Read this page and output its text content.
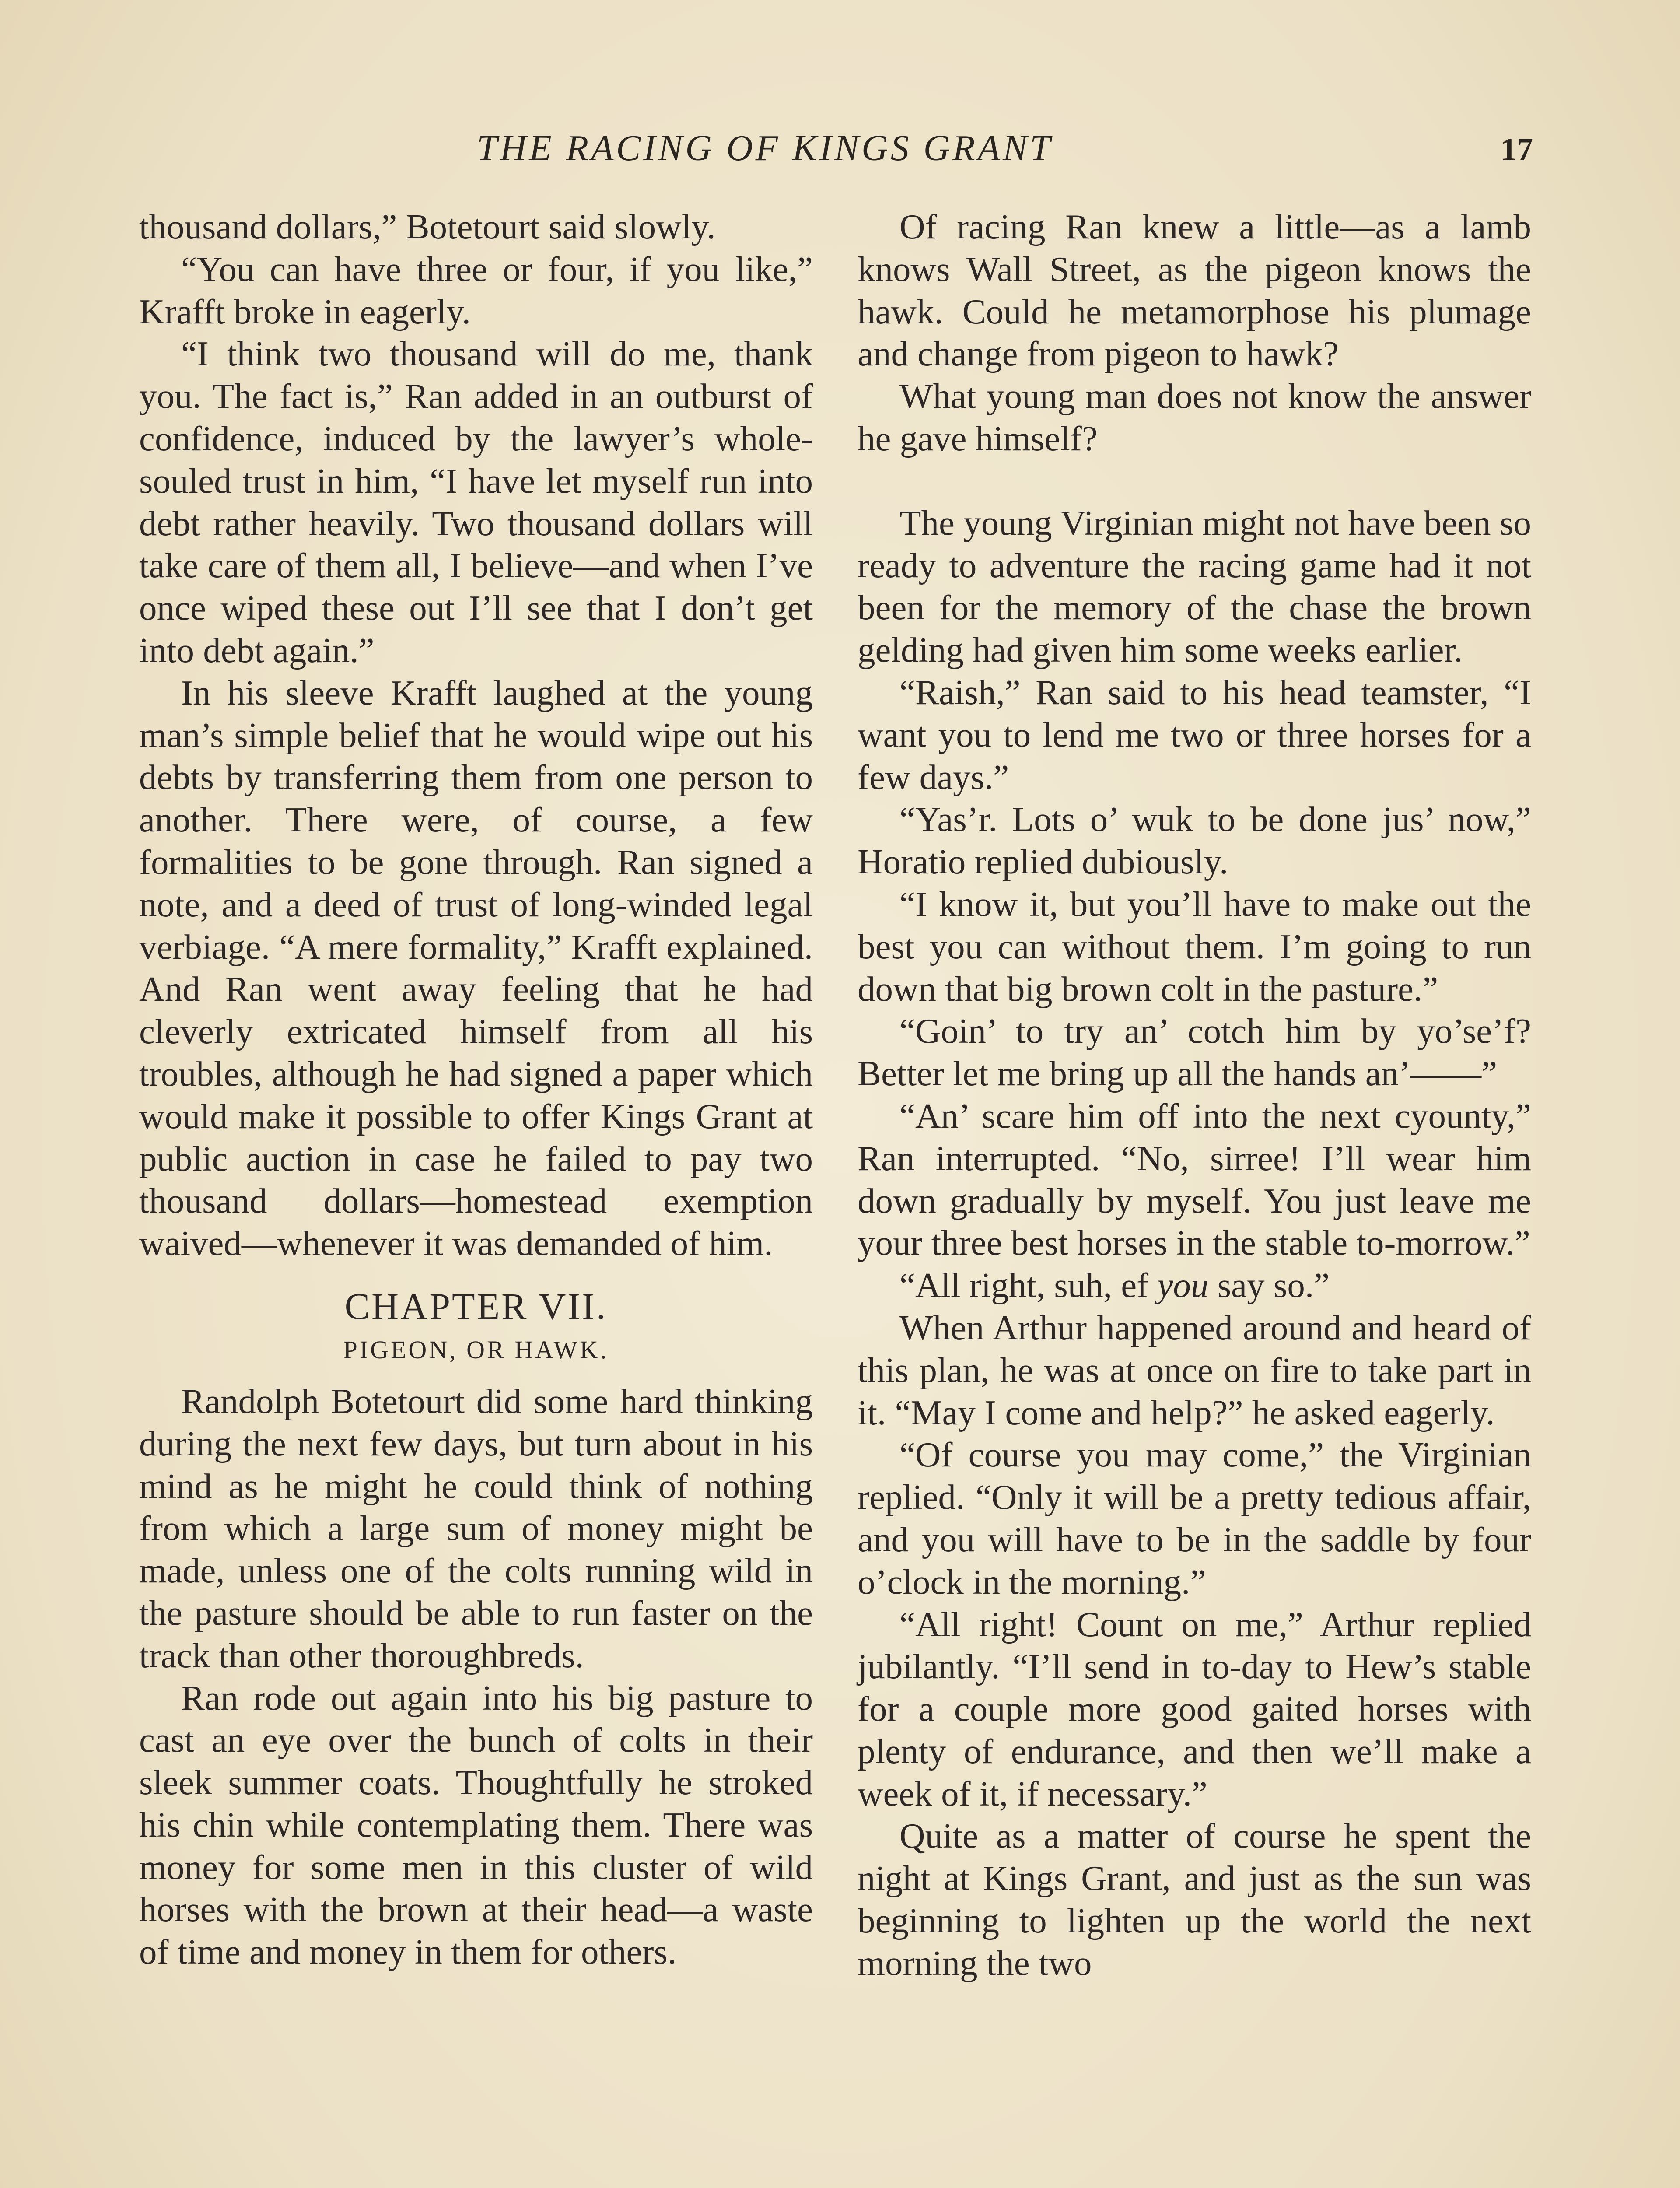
THE RACING OF KINGS GRANT	17

thousand dollars,” Botetourt said slowly.

“You can have three or four, if you like,” Krafft broke in eagerly.

“I think two thousand will do me, thank you. The fact is,” Ran added in an outburst of confidence, induced by the lawyer’s whole-souled trust in him, “I have let myself run into debt rather heavily. Two thousand dollars will take care of them all, I believe—and when I’ve once wiped these out I’ll see that I don’t get into debt again.”

In his sleeve Krafft laughed at the young man’s simple belief that he would wipe out his debts by transferring them from one person to another. There were, of course, a few formalities to be gone through. Ran signed a note, and a deed of trust of long-winded legal verbiage. “A mere formality,” Krafft explained. And Ran went away feeling that he had cleverly extricated himself from all his troubles, although he had signed a paper which would make it possible to offer Kings Grant at public auction in case he failed to pay two thousand dollars—homestead exemption waived—whenever it was demanded of him.

CHAPTER VII.
PIGEON, OR HAWK.

Randolph Botetourt did some hard thinking during the next few days, but turn about in his mind as he might he could think of nothing from which a large sum of money might be made, unless one of the colts running wild in the pasture should be able to run faster on the track than other thoroughbreds.

Ran rode out again into his big pasture to cast an eye over the bunch of colts in their sleek summer coats. Thoughtfully he stroked his chin while contemplating them. There was money for some men in this cluster of wild horses with the brown at their head—a waste of time and money in them for others.

Of racing Ran knew a little—as a lamb knows Wall Street, as the pigeon knows the hawk. Could he metamorphose his plumage and change from pigeon to hawk?

What young man does not know the answer he gave himself?

The young Virginian might not have been so ready to adventure the racing game had it not been for the memory of the chase the brown gelding had given him some weeks earlier.

“Raish,” Ran said to his head teamster, “I want you to lend me two or three horses for a few days.”

“Yas’r. Lots o’ wuk to be done jus’ now,” Horatio replied dubiously.

“I know it, but you’ll have to make out the best you can without them. I’m going to run down that big brown colt in the pasture.”

“Goin’ to try an’ cotch him by yo’se’f? Better let me bring up all the hands an’——”

“An’ scare him off into the next cyounty,” Ran interrupted. “No, sirree! I’ll wear him down gradually by myself. You just leave me your three best horses in the stable to-morrow.”

“All right, suh, ef you say so.”

When Arthur happened around and heard of this plan, he was at once on fire to take part in it. “May I come and help?” he asked eagerly.

“Of course you may come,” the Virginian replied. “Only it will be a pretty tedious affair, and you will have to be in the saddle by four o’clock in the morning.”

“All right! Count on me,” Arthur replied jubilantly. “I’ll send in to-day to Hew’s stable for a couple more good gaited horses with plenty of endurance, and then we’ll make a week of it, if necessary.”

Quite as a matter of course he spent the night at Kings Grant, and just as the sun was beginning to lighten up the world the next morning the two
